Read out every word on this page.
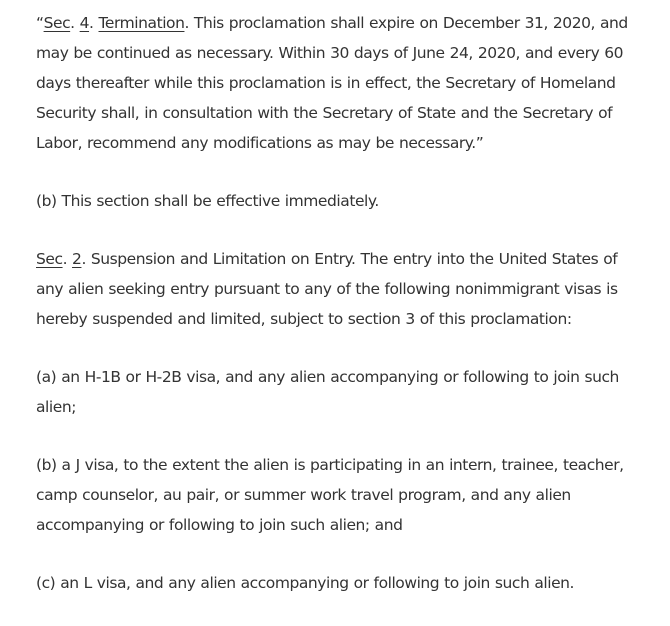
“Sec. 4. Termination. This proclamation shall expire on December 31, 2020, and may be continued as necessary. Within 30 days of June 24, 2020, and every 60 days thereafter while this proclamation is in effect, the Secretary of Homeland Security shall, in consultation with the Secretary of State and the Secretary of Labor, recommend any modifications as may be necessary.”

(b) This section shall be effective immediately.

Sec. 2. Suspension and Limitation on Entry. The entry into the United States of any alien seeking entry pursuant to any of the following nonimmigrant visas is hereby suspended and limited, subject to section 3 of this proclamation:

(a) an H-1B or H-2B visa, and any alien accompanying or following to join such alien;

(b) a J visa, to the extent the alien is participating in an intern, trainee, teacher, camp counselor, au pair, or summer work travel program, and any alien accompanying or following to join such alien; and

(c) an L visa, and any alien accompanying or following to join such alien.
